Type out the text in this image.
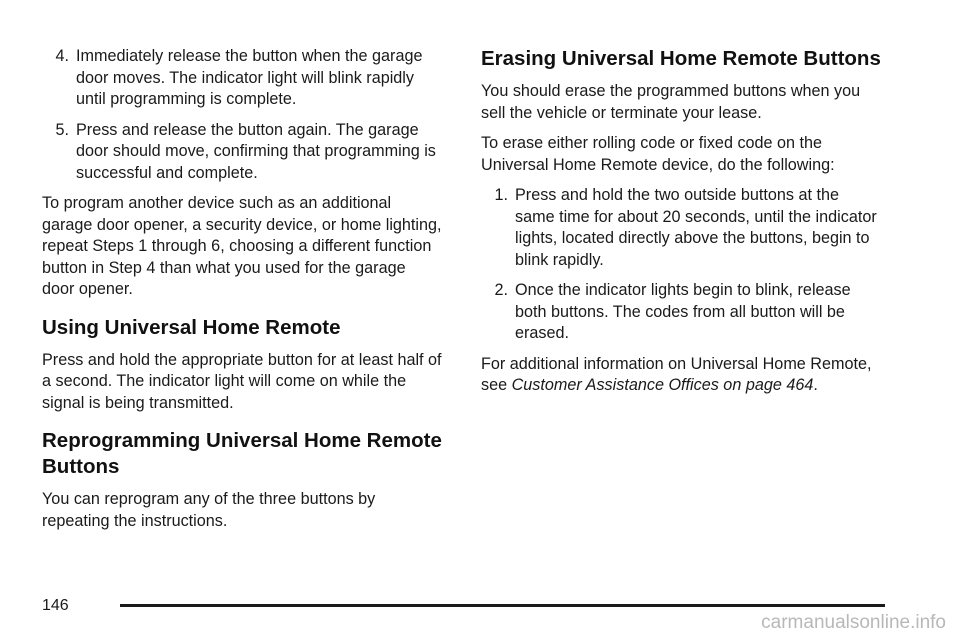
4. Immediately release the button when the garage door moves. The indicator light will blink rapidly until programming is complete.
5. Press and release the button again. The garage door should move, confirming that programming is successful and complete.

To program another device such as an additional garage door opener, a security device, or home lighting, repeat Steps 1 through 6, choosing a different function button in Step 4 than what you used for the garage door opener.

Using Universal Home Remote

Press and hold the appropriate button for at least half of a second. The indicator light will come on while the signal is being transmitted.

Reprogramming Universal Home Remote Buttons

You can reprogram any of the three buttons by repeating the instructions.

Erasing Universal Home Remote Buttons

You should erase the programmed buttons when you sell the vehicle or terminate your lease.

To erase either rolling code or fixed code on the Universal Home Remote device, do the following:

1. Press and hold the two outside buttons at the same time for about 20 seconds, until the indicator lights, located directly above the buttons, begin to blink rapidly.
2. Once the indicator lights begin to blink, release both buttons. The codes from all button will be erased.

For additional information on Universal Home Remote, see Customer Assistance Offices on page 464.

146
carmanualsonline.info
